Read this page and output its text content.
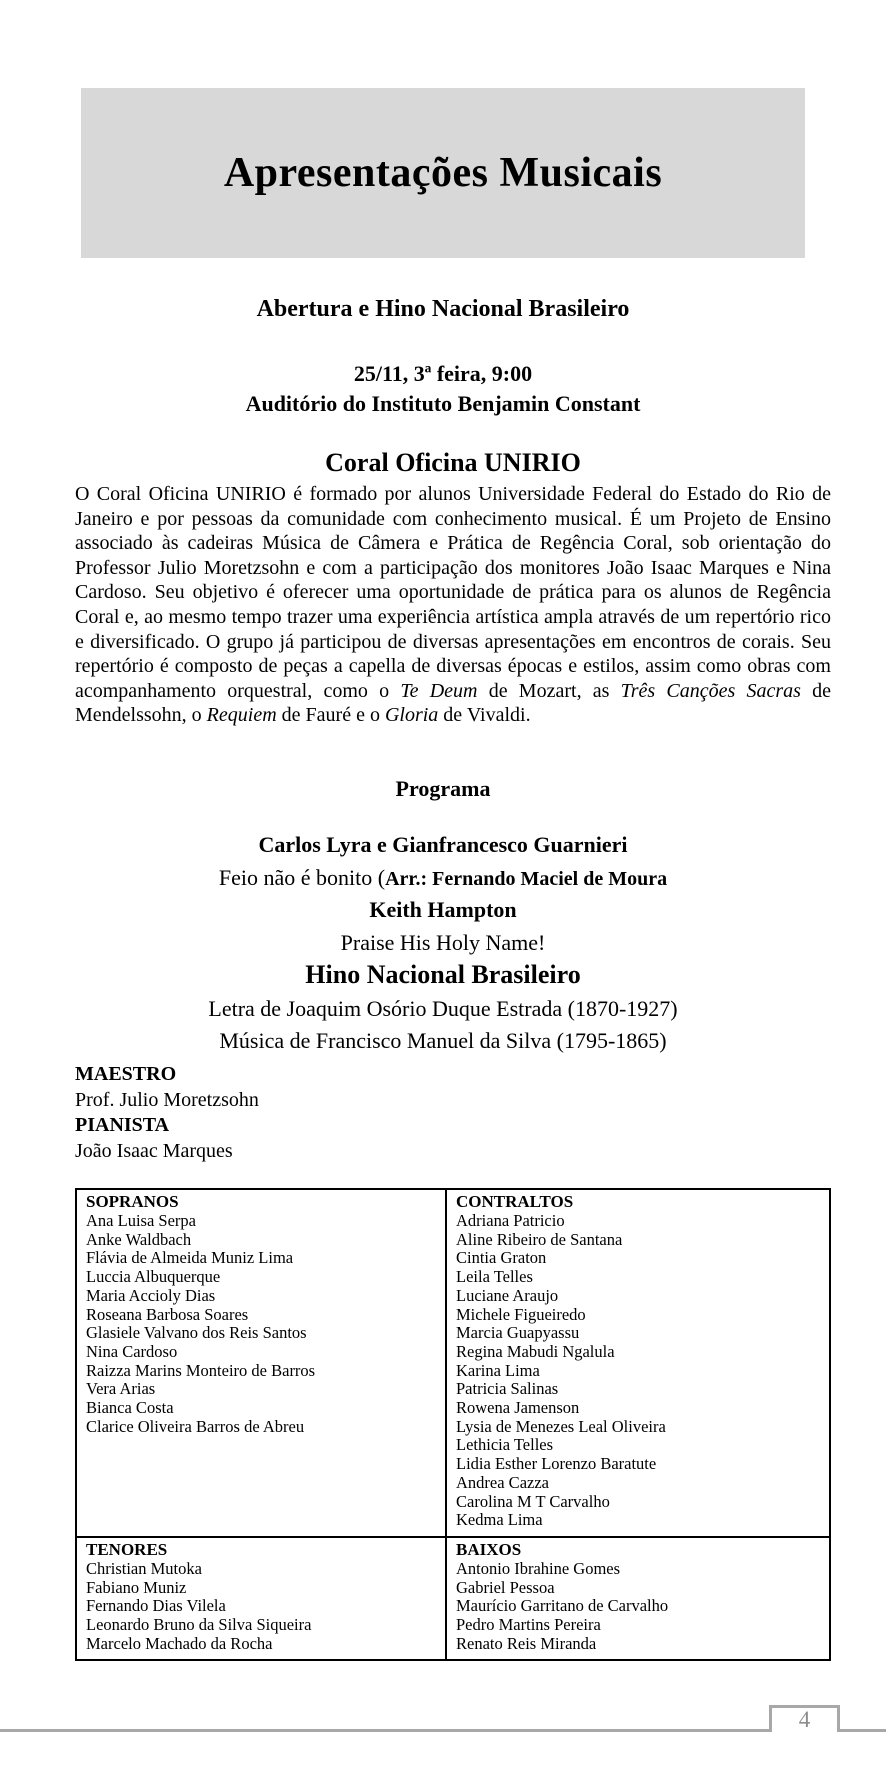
Apresentações Musicais
Abertura e Hino Nacional Brasileiro
25/11, 3ª feira, 9:00
Auditório do Instituto Benjamin Constant
Coral Oficina UNIRIO
O Coral Oficina UNIRIO é formado por alunos Universidade Federal do Estado do Rio de Janeiro e por pessoas da comunidade com conhecimento musical. É um Projeto de Ensino associado às cadeiras Música de Câmera e Prática de Regência Coral, sob orientação do Professor Julio Moretzsohn e com a participação dos monitores João Isaac Marques e Nina Cardoso. Seu objetivo é oferecer uma oportunidade de prática para os alunos de Regência Coral e, ao mesmo tempo trazer uma experiência artística ampla através de um repertório rico e diversificado. O grupo já participou de diversas apresentações em encontros de corais. Seu repertório é composto de peças a capella de diversas épocas e estilos, assim como obras com acompanhamento orquestral, como o Te Deum de Mozart, as Três Canções Sacras de Mendelssohn, o Requiem de Fauré e o Gloria de Vivaldi.
Programa
Carlos Lyra e Gianfrancesco Guarnieri
Feio não é bonito (Arr.: Fernando Maciel de Moura
Keith Hampton
Praise His Holy Name!
Hino Nacional Brasileiro
Letra de Joaquim Osório Duque Estrada (1870-1927)
Música de Francisco Manuel da Silva (1795-1865)
MAESTRO
Prof. Julio Moretzsohn
PIANISTA
João Isaac Marques
SOPRANOS
Ana Luisa Serpa
Anke Waldbach
Flávia de Almeida Muniz Lima
Luccia Albuquerque
Maria Accioly Dias
Roseana Barbosa Soares
Glasiele Valvano dos Reis Santos
Nina Cardoso
Raizza Marins Monteiro de Barros
Vera Arias
Bianca Costa
Clarice Oliveira Barros de Abreu
CONTRALTOS
Adriana Patricio
Aline Ribeiro de Santana
Cintia Graton
Leila Telles
Luciane Araujo
Michele Figueiredo
Marcia Guapyassu
Regina Mabudi Ngalula
Karina Lima
Patricia Salinas
Rowena Jamenson
Lysia de Menezes Leal Oliveira
Lethicia Telles
Lidia Esther Lorenzo Baratute
Andrea Cazza
Carolina M T Carvalho
Kedma Lima
TENORES
Christian Mutoka
Fabiano Muniz
Fernando Dias Vilela
Leonardo Bruno da Silva Siqueira
Marcelo Machado da Rocha
BAIXOS
Antonio Ibrahine Gomes
Gabriel Pessoa
Maurício Garritano de Carvalho
Pedro Martins Pereira
Renato Reis Miranda
4
